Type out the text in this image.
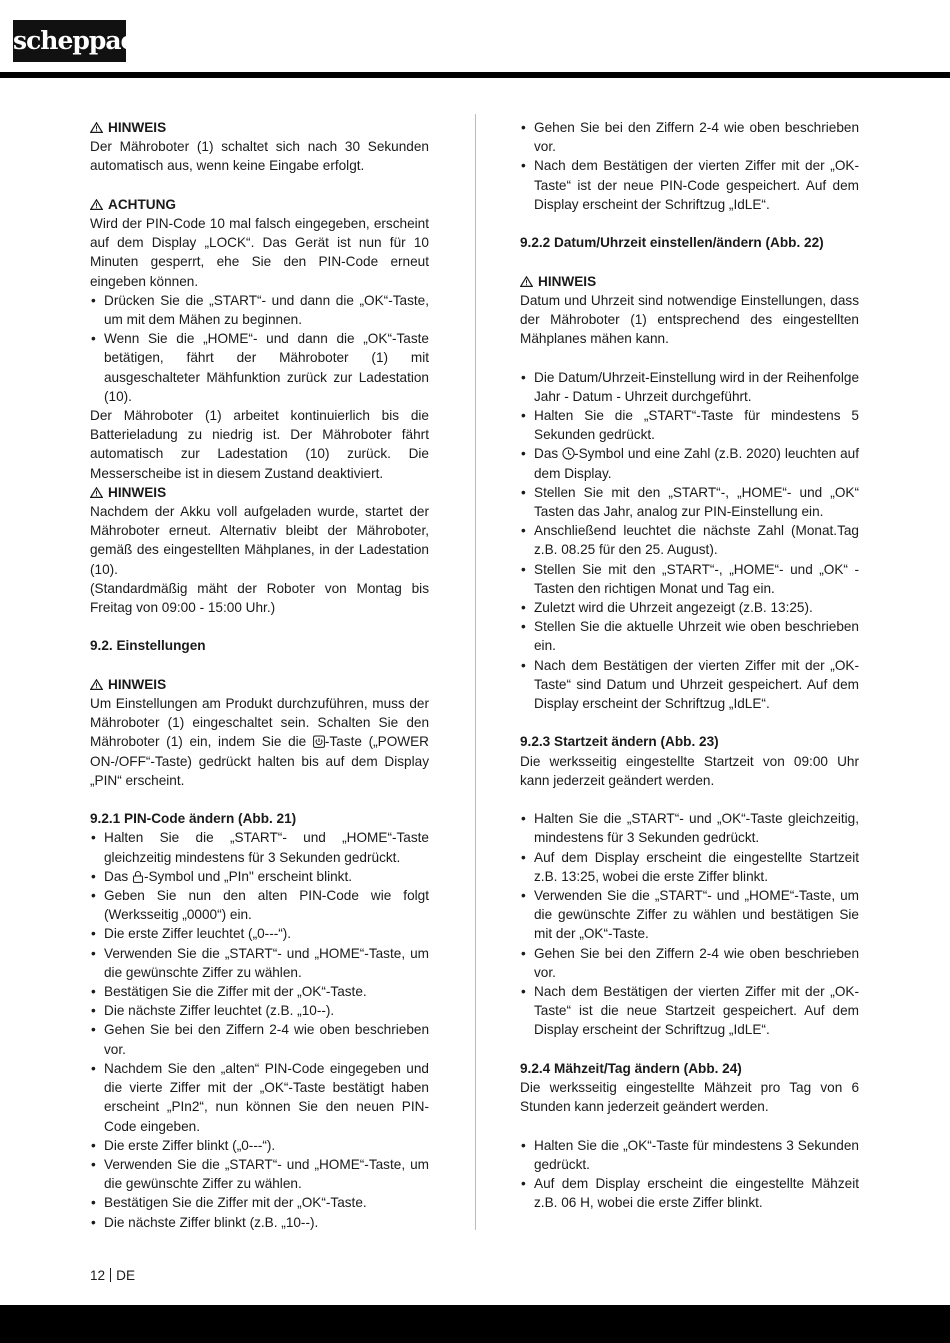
scheppach

HINWEIS

Der Mähroboter (1) schaltet sich nach 30 Sekunden automatisch aus, wenn keine Eingabe erfolgt.

ACHTUNG

Wird der PIN-Code 10 mal falsch eingegeben, erscheint auf dem Display „LOCK“. Das Gerät ist nun für 10 Minuten gesperrt, ehe Sie den PIN-Code erneut eingeben können.

• Drücken Sie die „START“- und dann die „OK“-Taste, um mit dem Mähen zu beginnen.
• Wenn Sie die „HOME“- und dann die „OK“-Taste betätigen, fährt der Mähroboter (1) mit ausgeschalteter Mähfunktion zurück zur Ladestation (10).

Der Mähroboter (1) arbeitet kontinuierlich bis die Batterieladung zu niedrig ist. Der Mähroboter fährt automatisch zur Ladestation (10) zurück. Die Messerscheibe ist in diesem Zustand deaktiviert.

HINWEIS

Nachdem der Akku voll aufgeladen wurde, startet der Mähroboter erneut. Alternativ bleibt der Mähroboter, gemäß des eingestellten Mähplanes, in der Ladestation (10).

(Standardmäßig mäht der Roboter von Montag bis Freitag von 09:00 - 15:00 Uhr.)

9.2. Einstellungen

HINWEIS

Um Einstellungen am Produkt durchzuführen, muss der Mähroboter (1) eingeschaltet sein. Schalten Sie den Mähroboter (1) ein, indem Sie die
-Taste („POWER ON-/OFF“-Taste) gedrückt halten bis auf dem Display „PIN“ erscheint.

9.2.1 PIN-Code ändern (Abb. 21)

• Halten Sie die „START“- und „HOME“-Taste gleichzeitig mindestens für 3 Sekunden gedrückt.
• Das
-Symbol und „PIn" erscheint blinkt.
• Geben Sie nun den alten PIN-Code wie folgt (Werksseitig „0000“) ein.
• Die erste Ziffer leuchtet („0---“).
• Verwenden Sie die „START“- und „HOME“-Taste, um die gewünschte Ziffer zu wählen.
• Bestätigen Sie die Ziffer mit der „OK“-Taste.
• Die nächste Ziffer leuchtet (z.B. „10--).
• Gehen Sie bei den Ziffern 2-4 wie oben beschrieben vor.
• Nachdem Sie den „alten“ PIN-Code eingegeben und die vierte Ziffer mit der „OK“-Taste bestätigt haben erscheint „PIn2“, nun können Sie den neuen PIN-Code eingeben.
• Die erste Ziffer blinkt („0---“).
• Verwenden Sie die „START“- und „HOME“-Taste, um die gewünschte Ziffer zu wählen.
• Bestätigen Sie die Ziffer mit der „OK“-Taste.
• Die nächste Ziffer blinkt (z.B. „10--).
• Gehen Sie bei den Ziffern 2-4 wie oben beschrieben vor.
• Nach dem Bestätigen der vierten Ziffer mit der „OK-Taste“ ist der neue PIN-Code gespeichert. Auf dem Display erscheint der Schriftzug „IdLE“.

9.2.2 Datum/Uhrzeit einstellen/ändern (Abb. 22)

HINWEIS

Datum und Uhrzeit sind notwendige Einstellungen, dass der Mähroboter (1) entsprechend des eingestellten Mähplanes mähen kann.

• Die Datum/Uhrzeit-Einstellung wird in der Reihenfolge Jahr - Datum - Uhrzeit durchgeführt.
• Halten Sie die „START“-Taste für mindestens 5 Sekunden gedrückt.
• Das
-Symbol und eine Zahl (z.B. 2020) leuchten auf dem Display.
• Stellen Sie mit den „START“-, „HOME“- und „OK“ Tasten das Jahr, analog zur PIN-Einstellung ein.
• Anschließend leuchtet die nächste Zahl (Monat.Tag z.B. 08.25 für den 25. August).
• Stellen Sie mit den „START“-, „HOME“- und „OK“ - Tasten den richtigen Monat und Tag ein.
• Zuletzt wird die Uhrzeit angezeigt (z.B. 13:25).
• Stellen Sie die aktuelle Uhrzeit wie oben beschrieben ein.
• Nach dem Bestätigen der vierten Ziffer mit der „OK-Taste“ sind Datum und Uhrzeit gespeichert. Auf dem Display erscheint der Schriftzug „IdLE“.

9.2.3 Startzeit ändern (Abb. 23)

Die werksseitig eingestellte Startzeit von 09:00 Uhr kann jederzeit geändert werden.

• Halten Sie die „START“- und „OK“-Taste gleichzeitig, mindestens für 3 Sekunden gedrückt.
• Auf dem Display erscheint die eingestellte Startzeit z.B. 13:25, wobei die erste Ziffer blinkt.
• Verwenden Sie die „START“- und „HOME“-Taste, um die gewünschte Ziffer zu wählen und bestätigen Sie mit der „OK“-Taste.
• Gehen Sie bei den Ziffern 2-4 wie oben beschrieben vor.
• Nach dem Bestätigen der vierten Ziffer mit der „OK-Taste“ ist die neue Startzeit gespeichert. Auf dem Display erscheint der Schriftzug „IdLE“.

9.2.4 Mähzeit/Tag ändern (Abb. 24)

Die werksseitig eingestellte Mähzeit pro Tag von 6 Stunden kann jederzeit geändert werden.

• Halten Sie die „OK“-Taste für mindestens 3 Sekunden gedrückt.
• Auf dem Display erscheint die eingestellte Mähzeit z.B. 06 H, wobei die erste Ziffer blinkt.
12 DE
